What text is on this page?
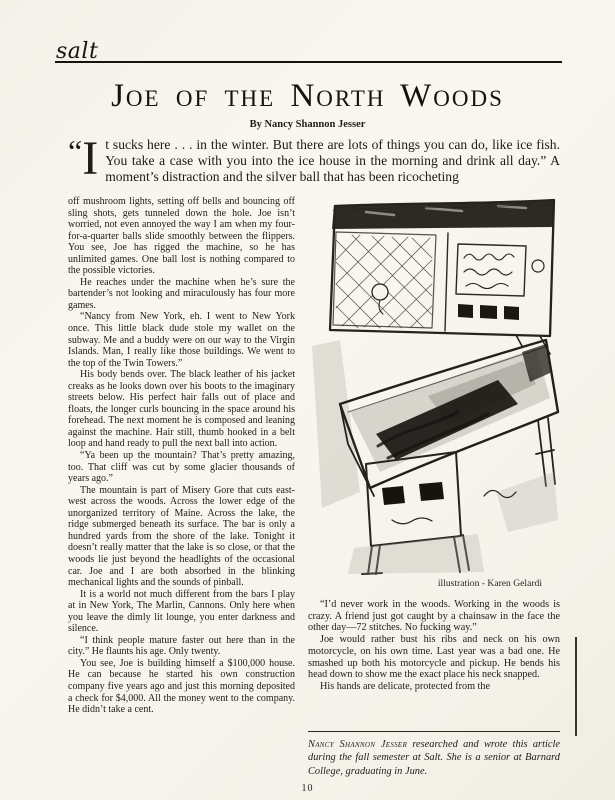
salt
Joe of the North Woods
By Nancy Shannon Jesser
“ I t sucks here . . . in the winter. But there are lots of things you can do, like ice fish. You take a case with you into the ice house in the morning and drink all day.” A moment’s distraction and the silver ball that has been ricocheting

off mushroom lights, setting off bells and bouncing off sling shots, gets tunneled down the hole. Joe isn’t worried, not even annoyed the way I am when my four-for-a-quarter balls slide smoothly between the flippers. You see, Joe has rigged the machine, so he has unlimited games. One ball lost is nothing compared to the possible victories.

He reaches under the machine when he’s sure the bartender’s not looking and miraculously has four more games.

“Nancy from New York, eh. I went to New York once. This little black dude stole my wallet on the subway. Me and a buddy were on our way to the Virgin Islands. Man, I really like those buildings. We went to the top of the Twin Towers.”

His body bends over. The black leather of his jacket creaks as he looks down over his boots to the imaginary streets below. His perfect hair falls out of place and floats, the longer curls bouncing in the space around his forehead. The next moment he is composed and leaning against the machine. Hair still, thumb hooked in a belt loop and hand ready to pull the next ball into action.

“Ya been up the mountain? That’s pretty amazing, too. That cliff was cut by some glacier thousands of years ago.”

The mountain is part of Misery Gore that cuts east-west across the woods. Across the lower edge of the unorganized territory of Maine. Across the lake, the ridge submerged beneath its surface. The bar is only a hundred yards from the shore of the lake. Tonight it doesn’t really matter that the lake is so close, or that the woods lie just beyond the headlights of the occasional car. Joe and I are both absorbed in the blinking mechanical lights and the sounds of pinball.

It is a world not much different from the bars I play at in New York, The Marlin, Cannons. Only here when you leave the dimly lit lounge, you enter darkness and silence.

“I think people mature faster out here than in the city.” He flaunts his age. Only twenty.

You see, Joe is building himself a $100,000 house. He can because he started his own construction company five years ago and just this morning deposited a check for $4,000. All the money went to the company. He didn’t take a cent.

illustration - Karen Gelardi

“I’d never work in the woods. Working in the woods is crazy. A friend just got caught by a chainsaw in the face the other day—72 stitches. No fucking way.”

Joe would rather bust his ribs and neck on his own motorcycle, on his own time. Last year was a bad one. He smashed up both his motorcycle and pickup. He bends his head down to show me the exact place his neck snapped.

His hands are delicate, protected from the

Nancy Shannon Jesser researched and wrote this article during the fall semester at Salt. She is a senior at Barnard College, graduating in June.
10
